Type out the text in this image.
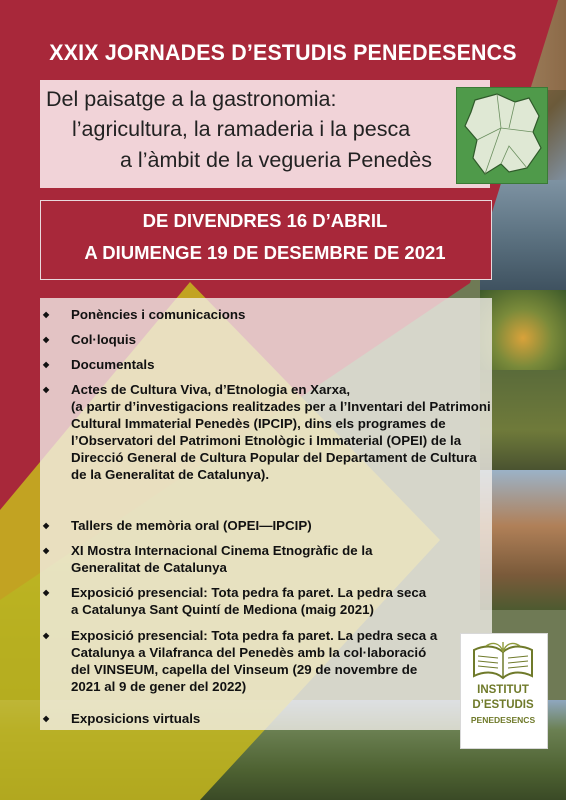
XXIX JORNADES D’ESTUDIS PENEDESENCS
Del paisatge a la gastronomia:
l’agricultura, la ramaderia i la pesca
a l’àmbit de la vegueria Penedès
DE DIVENDRES 16 D’ABRIL
A DIUMENGE 19 DE DESEMBRE DE 2021
◆	Ponències i comunicacions
◆	Col·loquis
◆	Documentals
◆	Actes de Cultura Viva, d’Etnologia en Xarxa,
(a partir d’investigacions realitzades per a l’Inventari del Patrimoni Cultural Immaterial Penedès (IPCIP), dins els programes de l’Observatori del Patrimoni Etnològic i Immaterial (OPEI) de la Direcció General de Cultura Popular del Departament de Cultura de la Generalitat de Catalunya).
◆	Tallers de memòria oral (OPEI—IPCIP)
◆	XI Mostra Internacional Cinema Etnogràfic de la Generalitat de Catalunya
◆	Exposició presencial: Tota pedra fa paret. La pedra seca a Catalunya Sant Quintí de Mediona (maig 2021)
◆	Exposició presencial: Tota pedra fa paret. La pedra seca a Catalunya a Vilafranca del Penedès amb la col·laboració del VINSEUM, capella del Vinseum (29 de novembre de 2021 al 9 de gener del 2022)
◆	Exposicions virtuals
INSTITUT
D’ESTUDIS
PENEDESENCS
